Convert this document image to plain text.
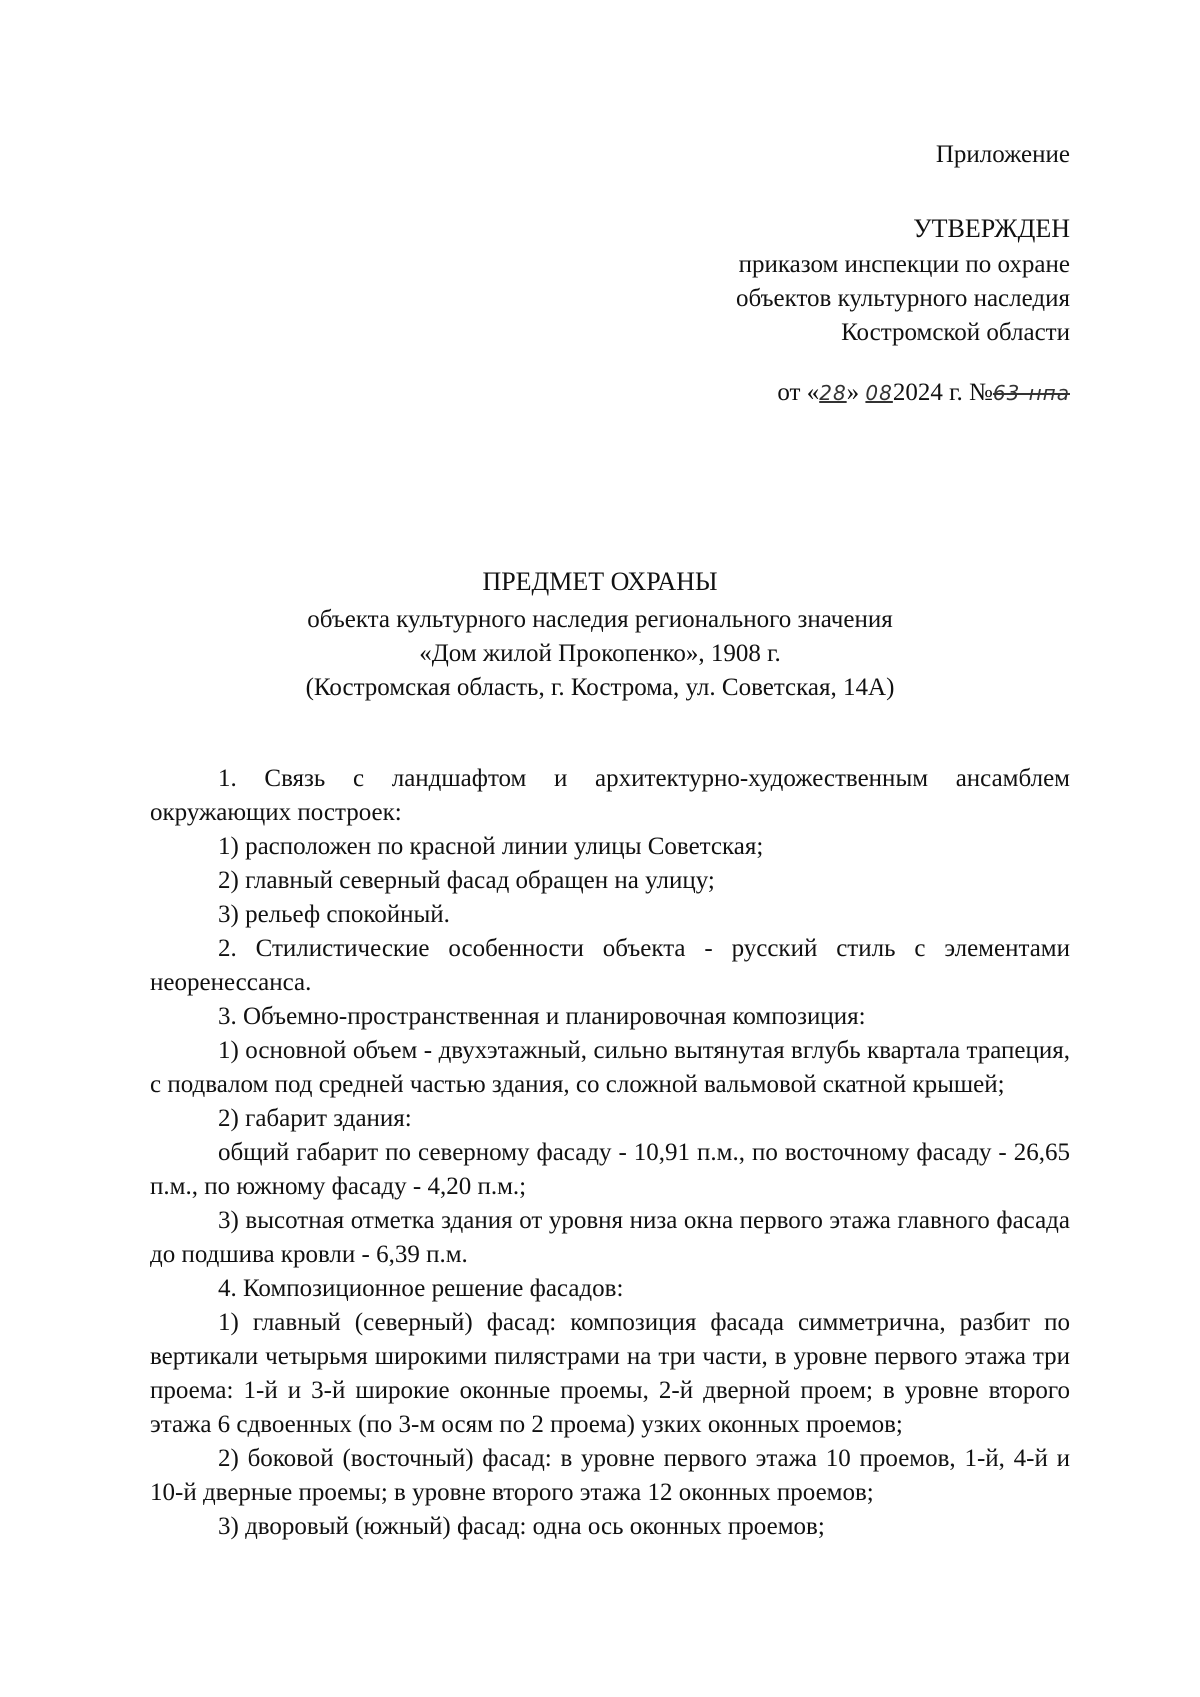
Приложение
УТВЕРЖДЕН
приказом инспекции по охране
объектов культурного наследия
Костромской области
от «28» 082024 г. №63-нпа
ПРЕДМЕТ ОХРАНЫ
объекта культурного наследия регионального значения
«Дом жилой Прокопенко», 1908 г.
(Костромская область, г. Кострома, ул. Советская, 14А)

1. Связь с ландшафтом и архитектурно-художественным ансамблем окружающих построек:

1) расположен по красной линии улицы Советская;

2) главный северный фасад обращен на улицу;

3) рельеф спокойный.

2. Стилистические особенности объекта - русский стиль с элементами неоренессанса.

3. Объемно-пространственная и планировочная композиция:

1) основной объем - двухэтажный, сильно вытянутая вглубь квартала трапеция, с подвалом под средней частью здания, со сложной вальмовой скатной крышей;

2) габарит здания:

общий габарит по северному фасаду - 10,91 п.м., по восточному фасаду - 26,65 п.м., по южному фасаду - 4,20 п.м.;

3) высотная отметка здания от уровня низа окна первого этажа главного фасада до подшива кровли - 6,39 п.м.

4. Композиционное решение фасадов:

1) главный (северный) фасад: композиция фасада симметрична, разбит по вертикали четырьмя широкими пилястрами на три части, в уровне первого этажа три проема: 1-й и 3-й широкие оконные проемы, 2-й дверной проем; в уровне второго этажа 6 сдвоенных (по 3-м осям по 2 проема) узких оконных проемов;

2) боковой (восточный) фасад: в уровне первого этажа 10 проемов, 1-й, 4-й и 10-й дверные проемы; в уровне второго этажа 12 оконных проемов;

3) дворовый (южный) фасад: одна ось оконных проемов;
